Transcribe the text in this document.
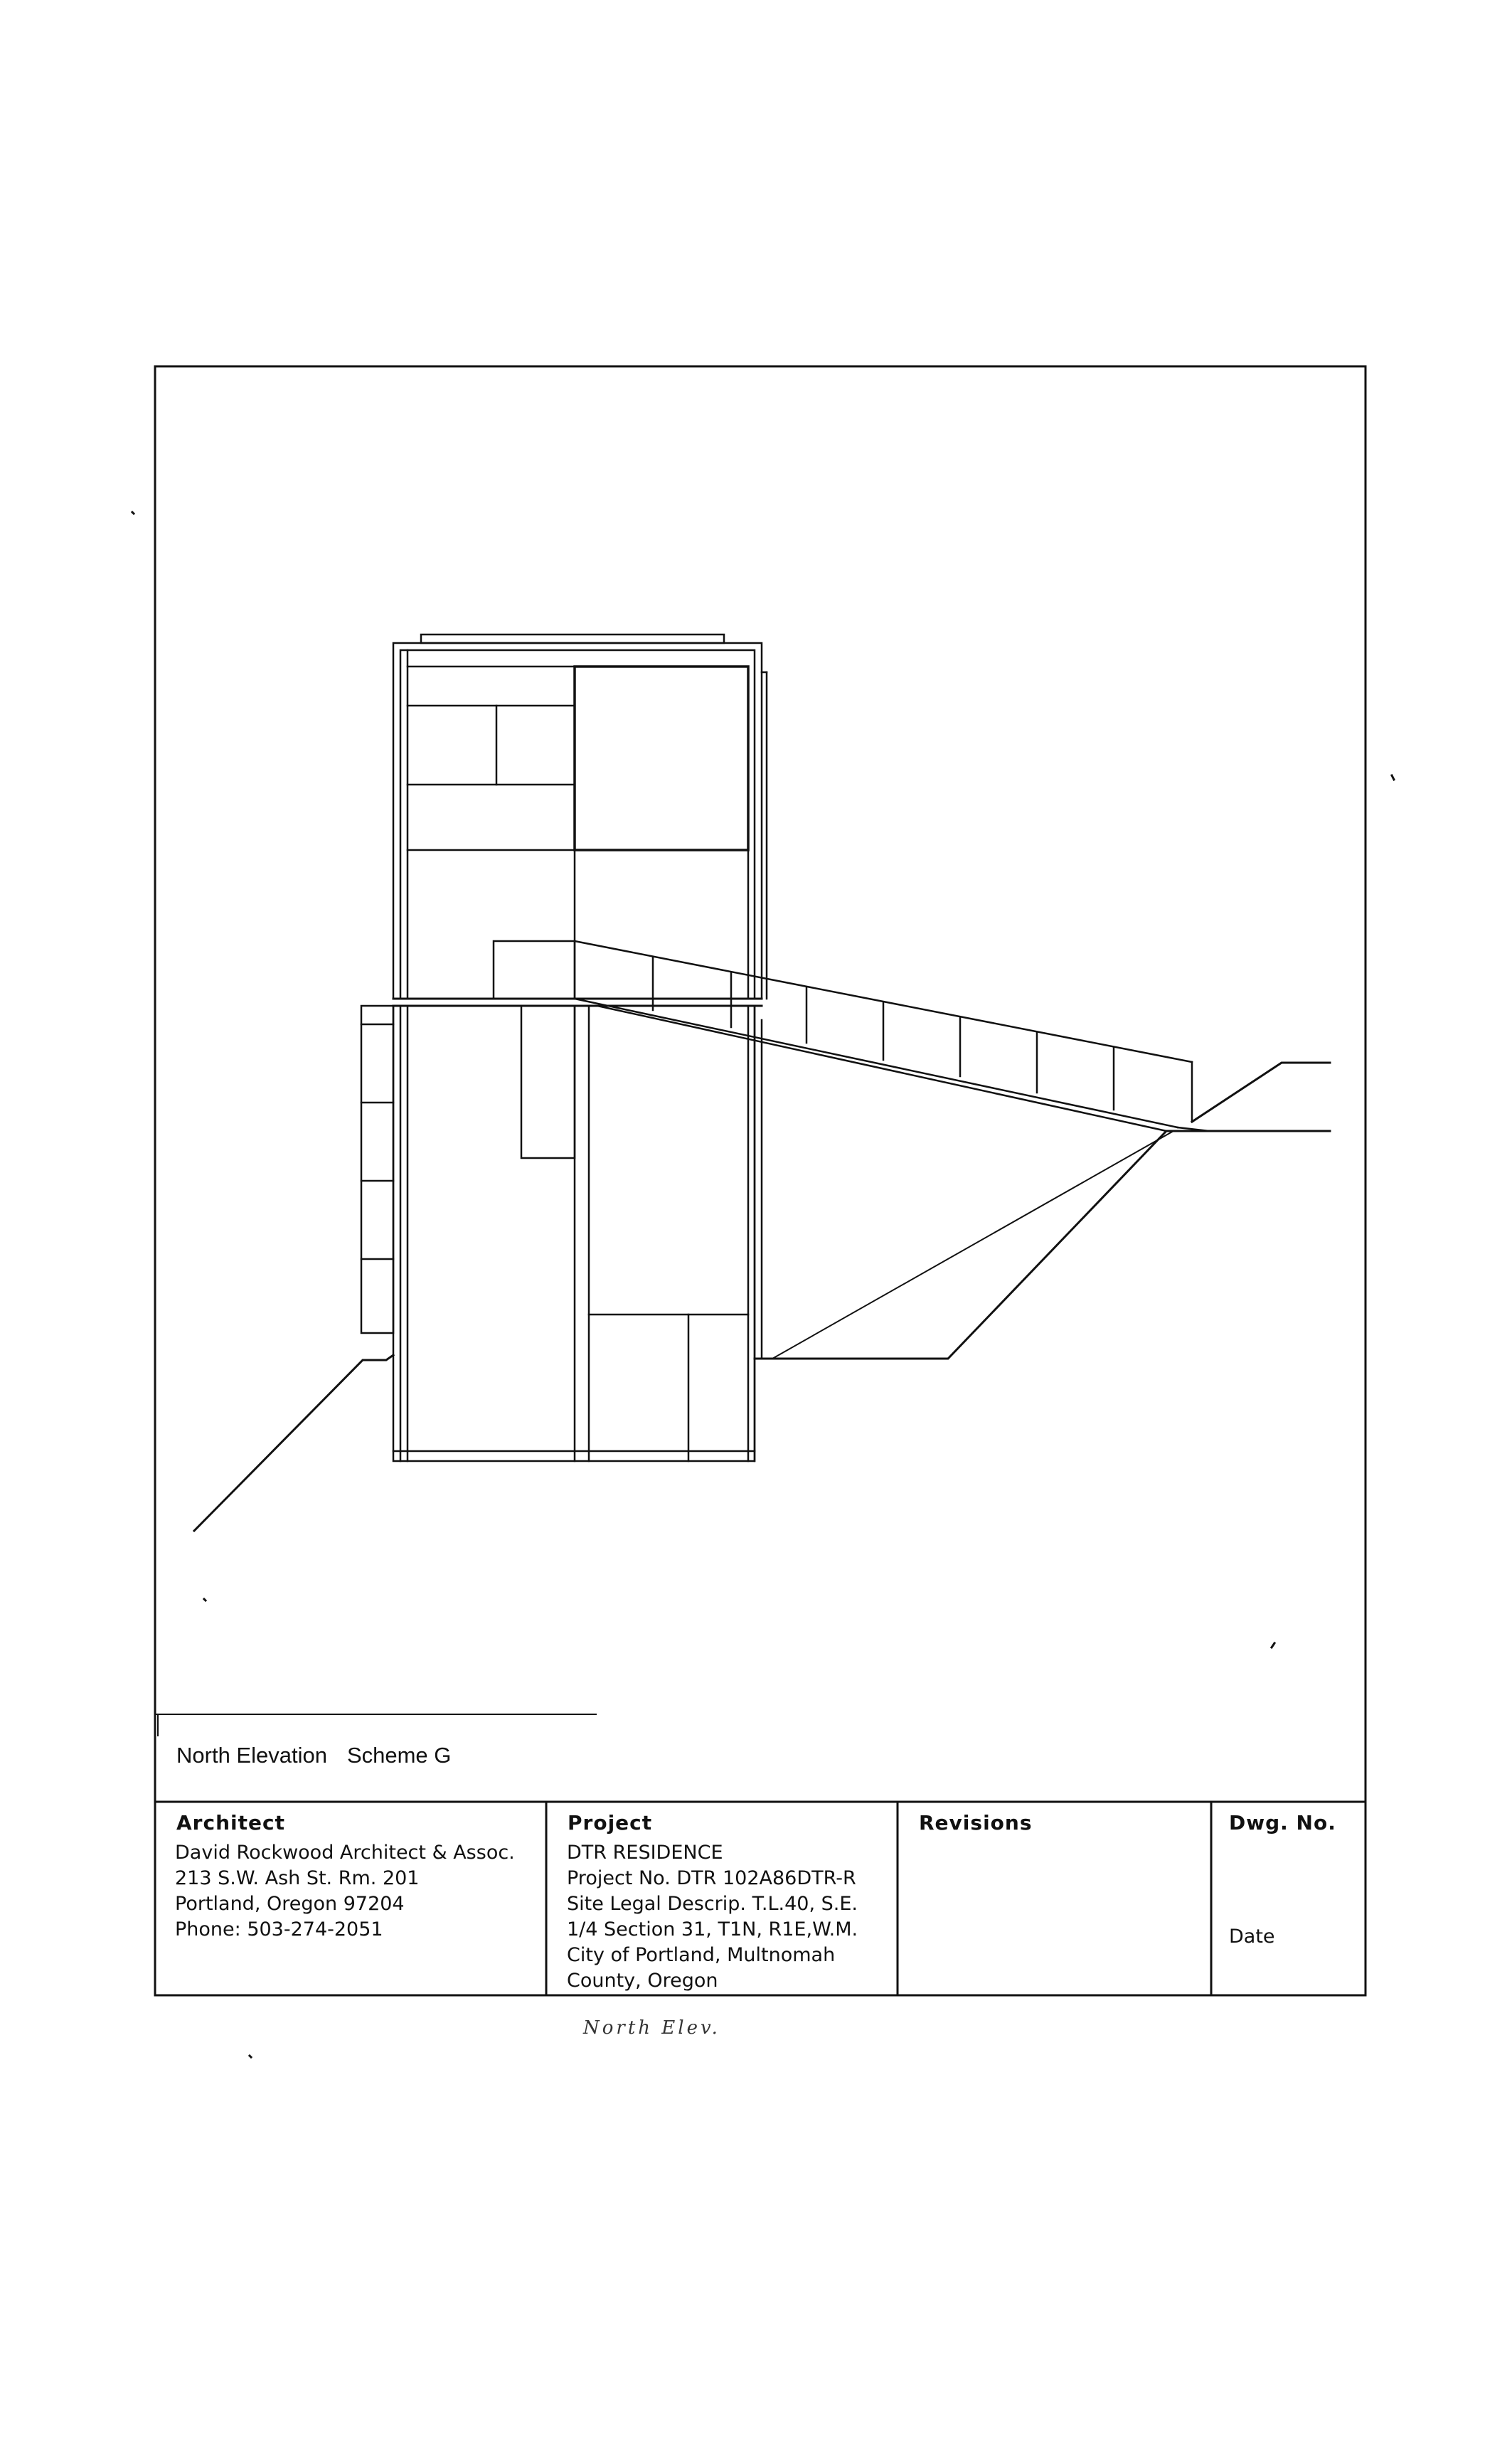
North Elevation Scheme G
Architect
David Rockwood Architect & Assoc.
213 S.W. Ash St. Rm. 201
Portland, Oregon 97204
Phone: 503-274-2051
Project
DTR RESIDENCE
Project No. DTR 102A86DTR-R
Site Legal Descrip. T.L.40, S.E.
1/4 Section 31, T1N, R1E,W.M.
City of Portland, Multnomah
County, Oregon
Revisions	Dwg. No.
Date
North Elev.
